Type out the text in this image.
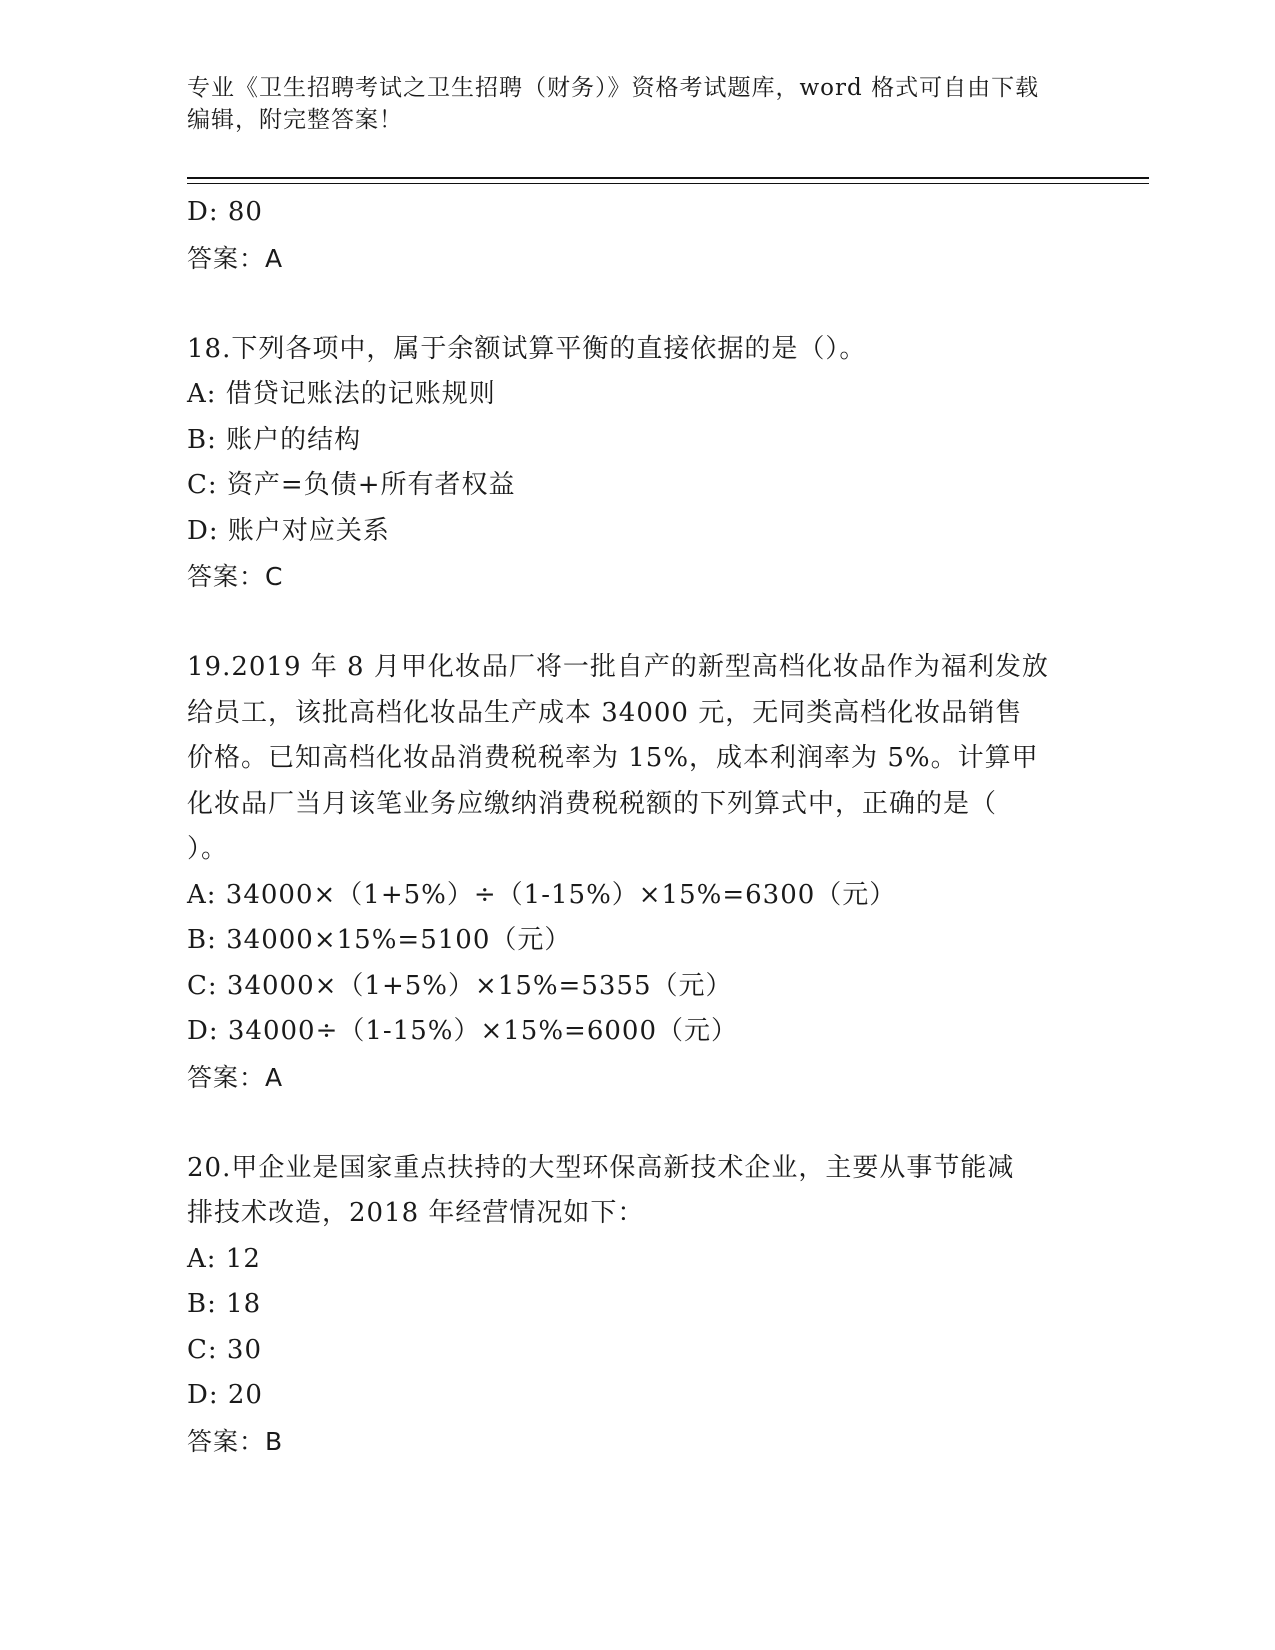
专业《卫生招聘考试之卫生招聘（财务）》资格考试题库，word 格式可自由下载
编辑，附完整答案！
D: 80
答案：A
18.下列各项中，属于余额试算平衡的直接依据的是（）。
A: 借贷记账法的记账规则
B: 账户的结构
C: 资产=负债+所有者权益
D: 账户对应关系
答案：C
19.2019 年 8 月甲化妆品厂将一批自产的新型高档化妆品作为福利发放
给员工，该批高档化妆品生产成本 34000 元，无同类高档化妆品销售
价格。已知高档化妆品消费税税率为 15%，成本利润率为 5%。计算甲
化妆品厂当月该笔业务应缴纳消费税税额的下列算式中，正确的是（
）。
A: 34000×（1+5%）÷（1-15%）×15%=6300（元）
B: 34000×15%=5100（元）
C: 34000×（1+5%）×15%=5355（元）
D: 34000÷（1-15%）×15%=6000（元）
答案：A
20.甲企业是国家重点扶持的大型环保高新技术企业，主要从事节能减
排技术改造，2018 年经营情况如下：
A: 12
B: 18
C: 30
D: 20
答案：B
